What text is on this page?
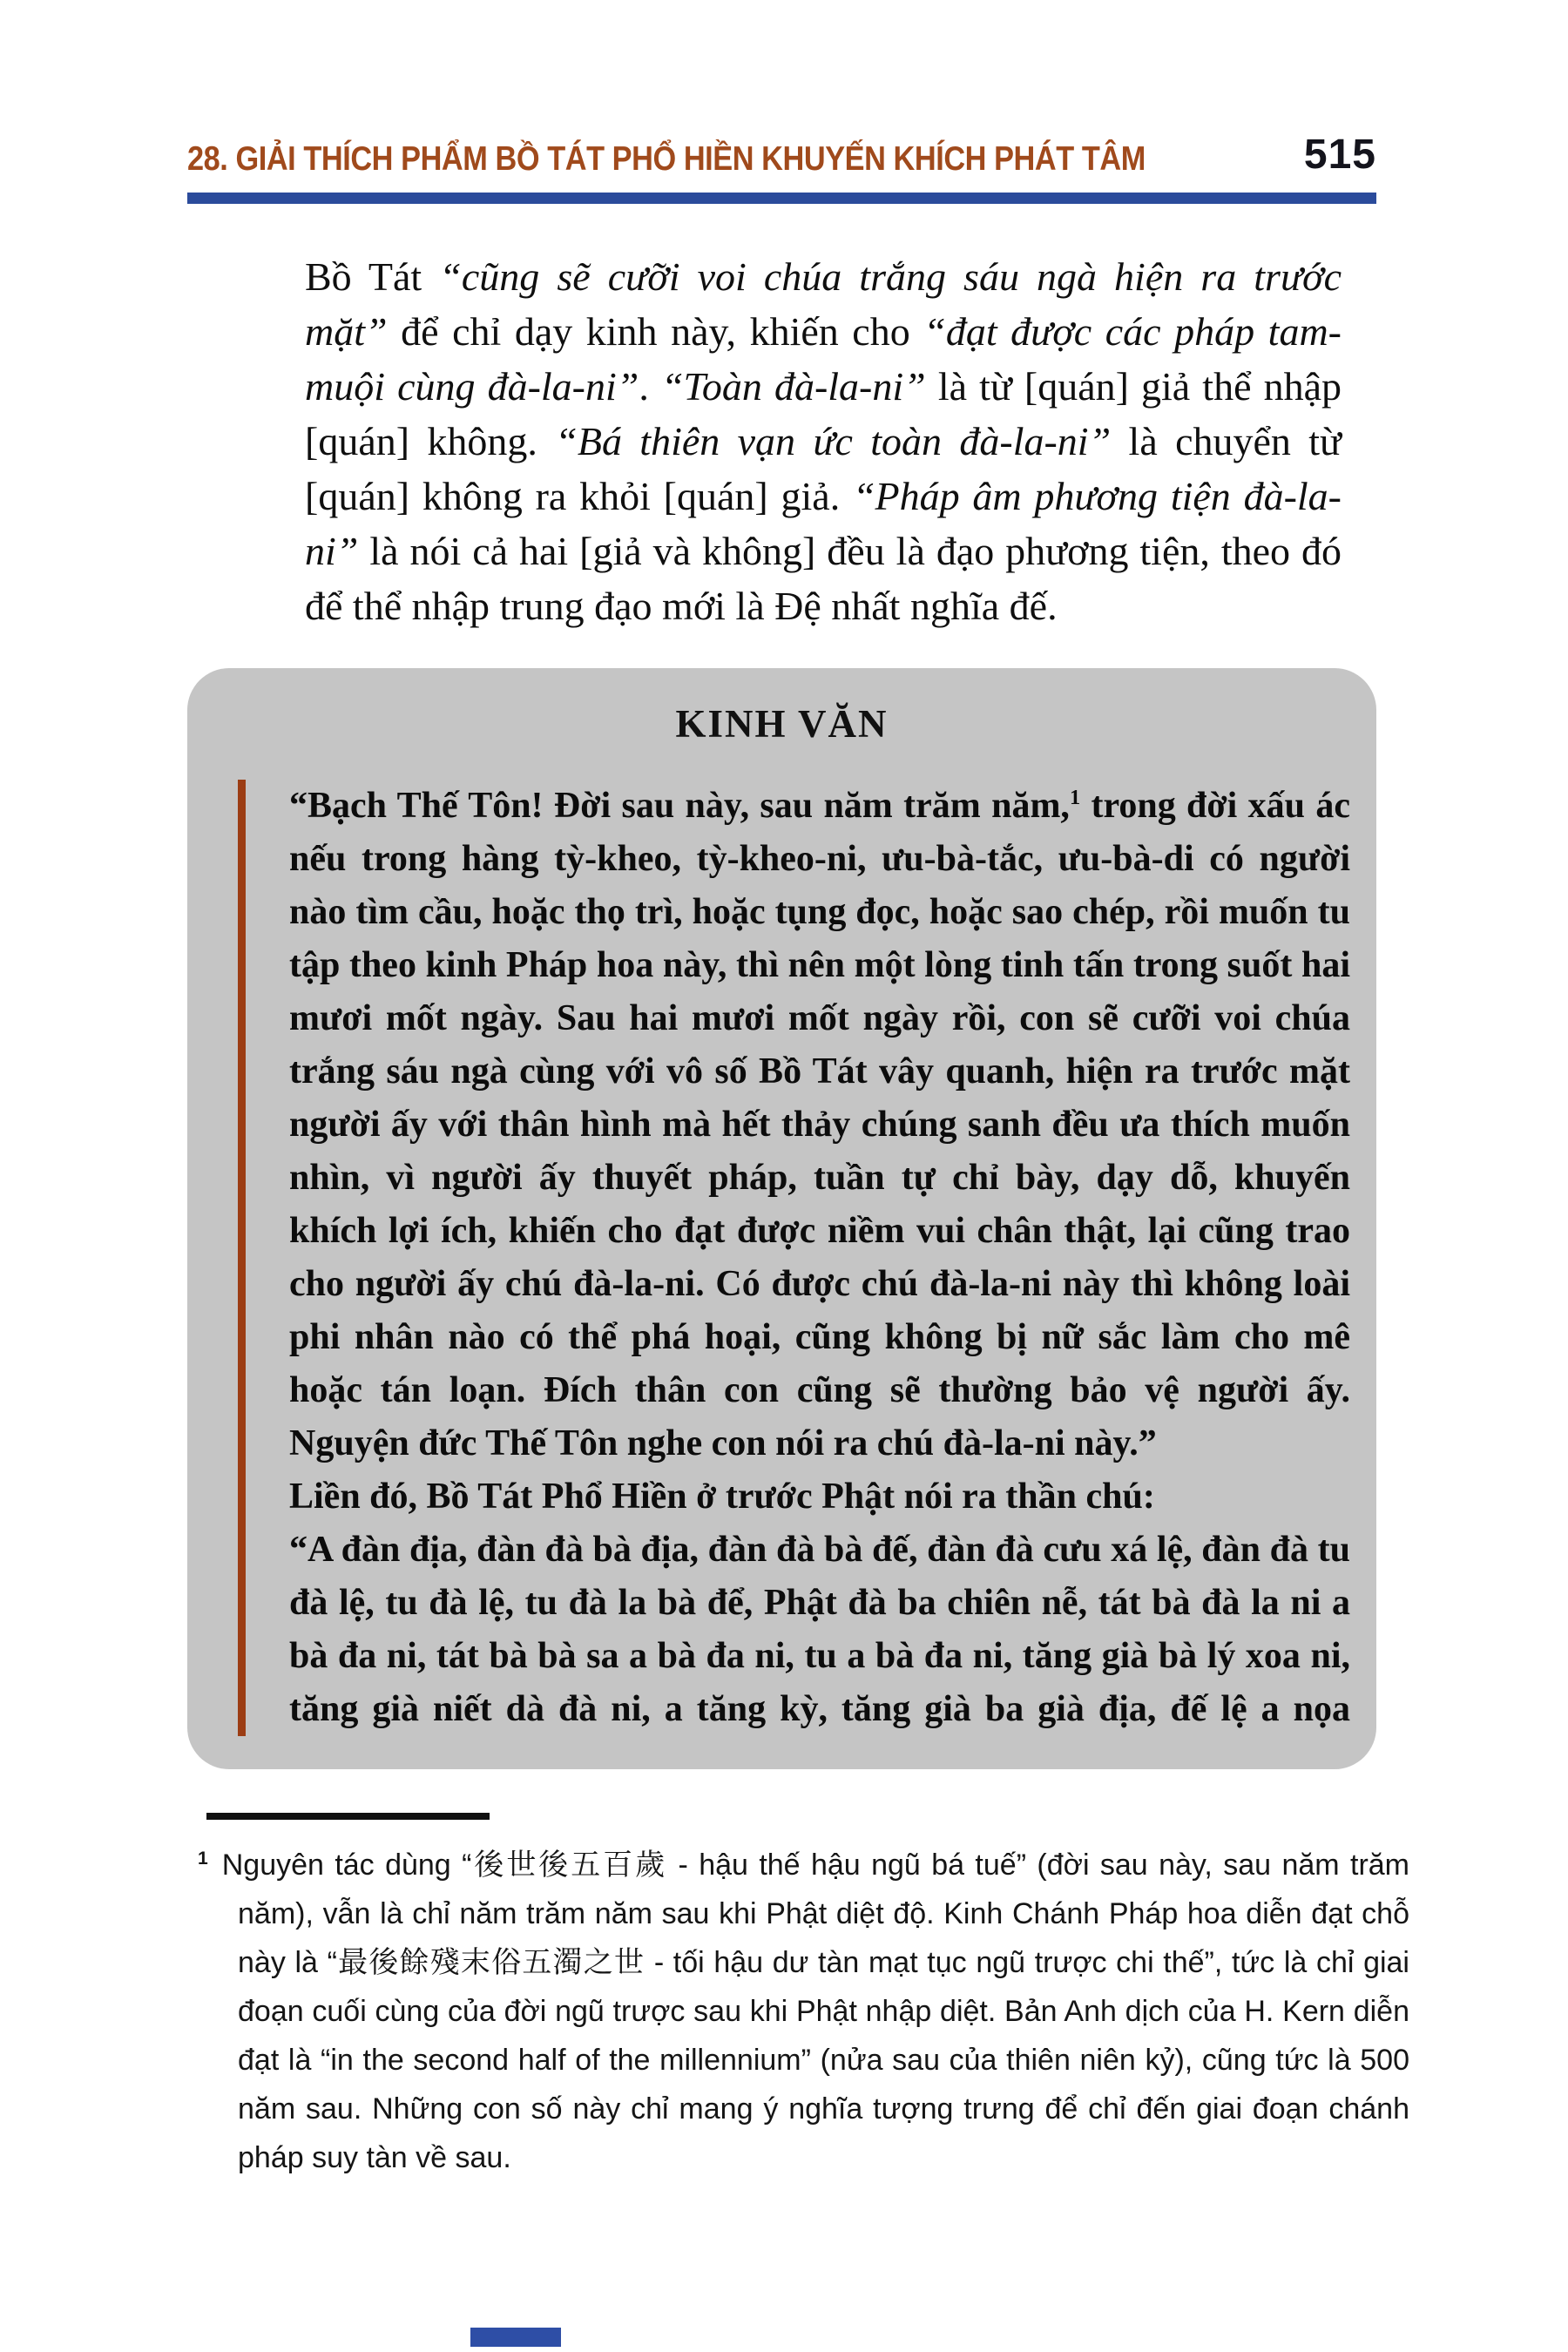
28. GIẢI THÍCH PHẨM BỒ TÁT PHỔ HIỀN KHUYẾN KHÍCH PHÁT TÂM	515

Bồ Tát “cũng sẽ cưỡi voi chúa trắng sáu ngà hiện ra trước mặt” để chỉ dạy kinh này, khiến cho “đạt được các pháp tam-muội cùng đà-la-ni”. “Toàn đà-la-ni” là từ [quán] giả thể nhập [quán] không. “Bá thiên vạn ức toàn đà-la-ni” là chuyển từ [quán] không ra khỏi [quán] giả. “Pháp âm phương tiện đà-la-ni” là nói cả hai [giả và không] đều là đạo phương tiện, theo đó để thể nhập trung đạo mới là Đệ nhất nghĩa đế.

KINH VĂN

“Bạch Thế Tôn! Đời sau này, sau năm trăm năm,$^1$ trong đời xấu ác nếu trong hàng tỳ-kheo, tỳ-kheo-ni, ưu-bà-tắc, ưu-bà-di có người nào tìm cầu, hoặc thọ trì, hoặc tụng đọc, hoặc sao chép, rồi muốn tu tập theo kinh Pháp hoa này, thì nên một lòng tinh tấn trong suốt hai mươi mốt ngày. Sau hai mươi mốt ngày rồi, con sẽ cưỡi voi chúa trắng sáu ngà cùng với vô số Bồ Tát vây quanh, hiện ra trước mặt người ấy với thân hình mà hết thảy chúng sanh đều ưa thích muốn nhìn, vì người ấy thuyết pháp, tuần tự chỉ bày, dạy dỗ, khuyến khích lợi ích, khiến cho đạt được niềm vui chân thật, lại cũng trao cho người ấy chú đà-la-ni. Có được chú đà-la-ni này thì không loài phi nhân nào có thể phá hoại, cũng không bị nữ sắc làm cho mê hoặc tán loạn. Đích thân con cũng sẽ thường bảo vệ người ấy. Nguyện đức Thế Tôn nghe con nói ra chú đà-la-ni này.”

Liền đó, Bồ Tát Phổ Hiền ở trước Phật nói ra thần chú:

“A đàn địa, đàn đà bà địa, đàn đà bà đế, đàn đà cưu xá lệ, đàn đà tu đà lệ, tu đà lệ, tu đà la bà để, Phật đà ba chiên nễ, tát bà đà la ni a bà đa ni, tát bà bà sa a bà đa ni, tu a bà đa ni, tăng già bà lý xoa ni, tăng già niết dà đà ni, a tăng kỳ, tăng già ba già địa, đế lệ a nọa

$^1$ Nguyên tác dùng “後世後五百歲 - hậu thế hậu ngũ bá tuế” (đời sau này, sau năm trăm năm), vẫn là chỉ năm trăm năm sau khi Phật diệt độ. Kinh Chánh Pháp hoa diễn đạt chỗ này là “最後餘殘末俗五濁之世 - tối hậu dư tàn mạt tục ngũ trược chi thế”, tức là chỉ giai đoạn cuối cùng của đời ngũ trược sau khi Phật nhập diệt. Bản Anh dịch của H. Kern diễn đạt là “in the second half of the millennium” (nửa sau của thiên niên kỷ), cũng tức là 500 năm sau. Những con số này chỉ mang ý nghĩa tượng trưng để chỉ đến giai đoạn chánh pháp suy tàn về sau.
